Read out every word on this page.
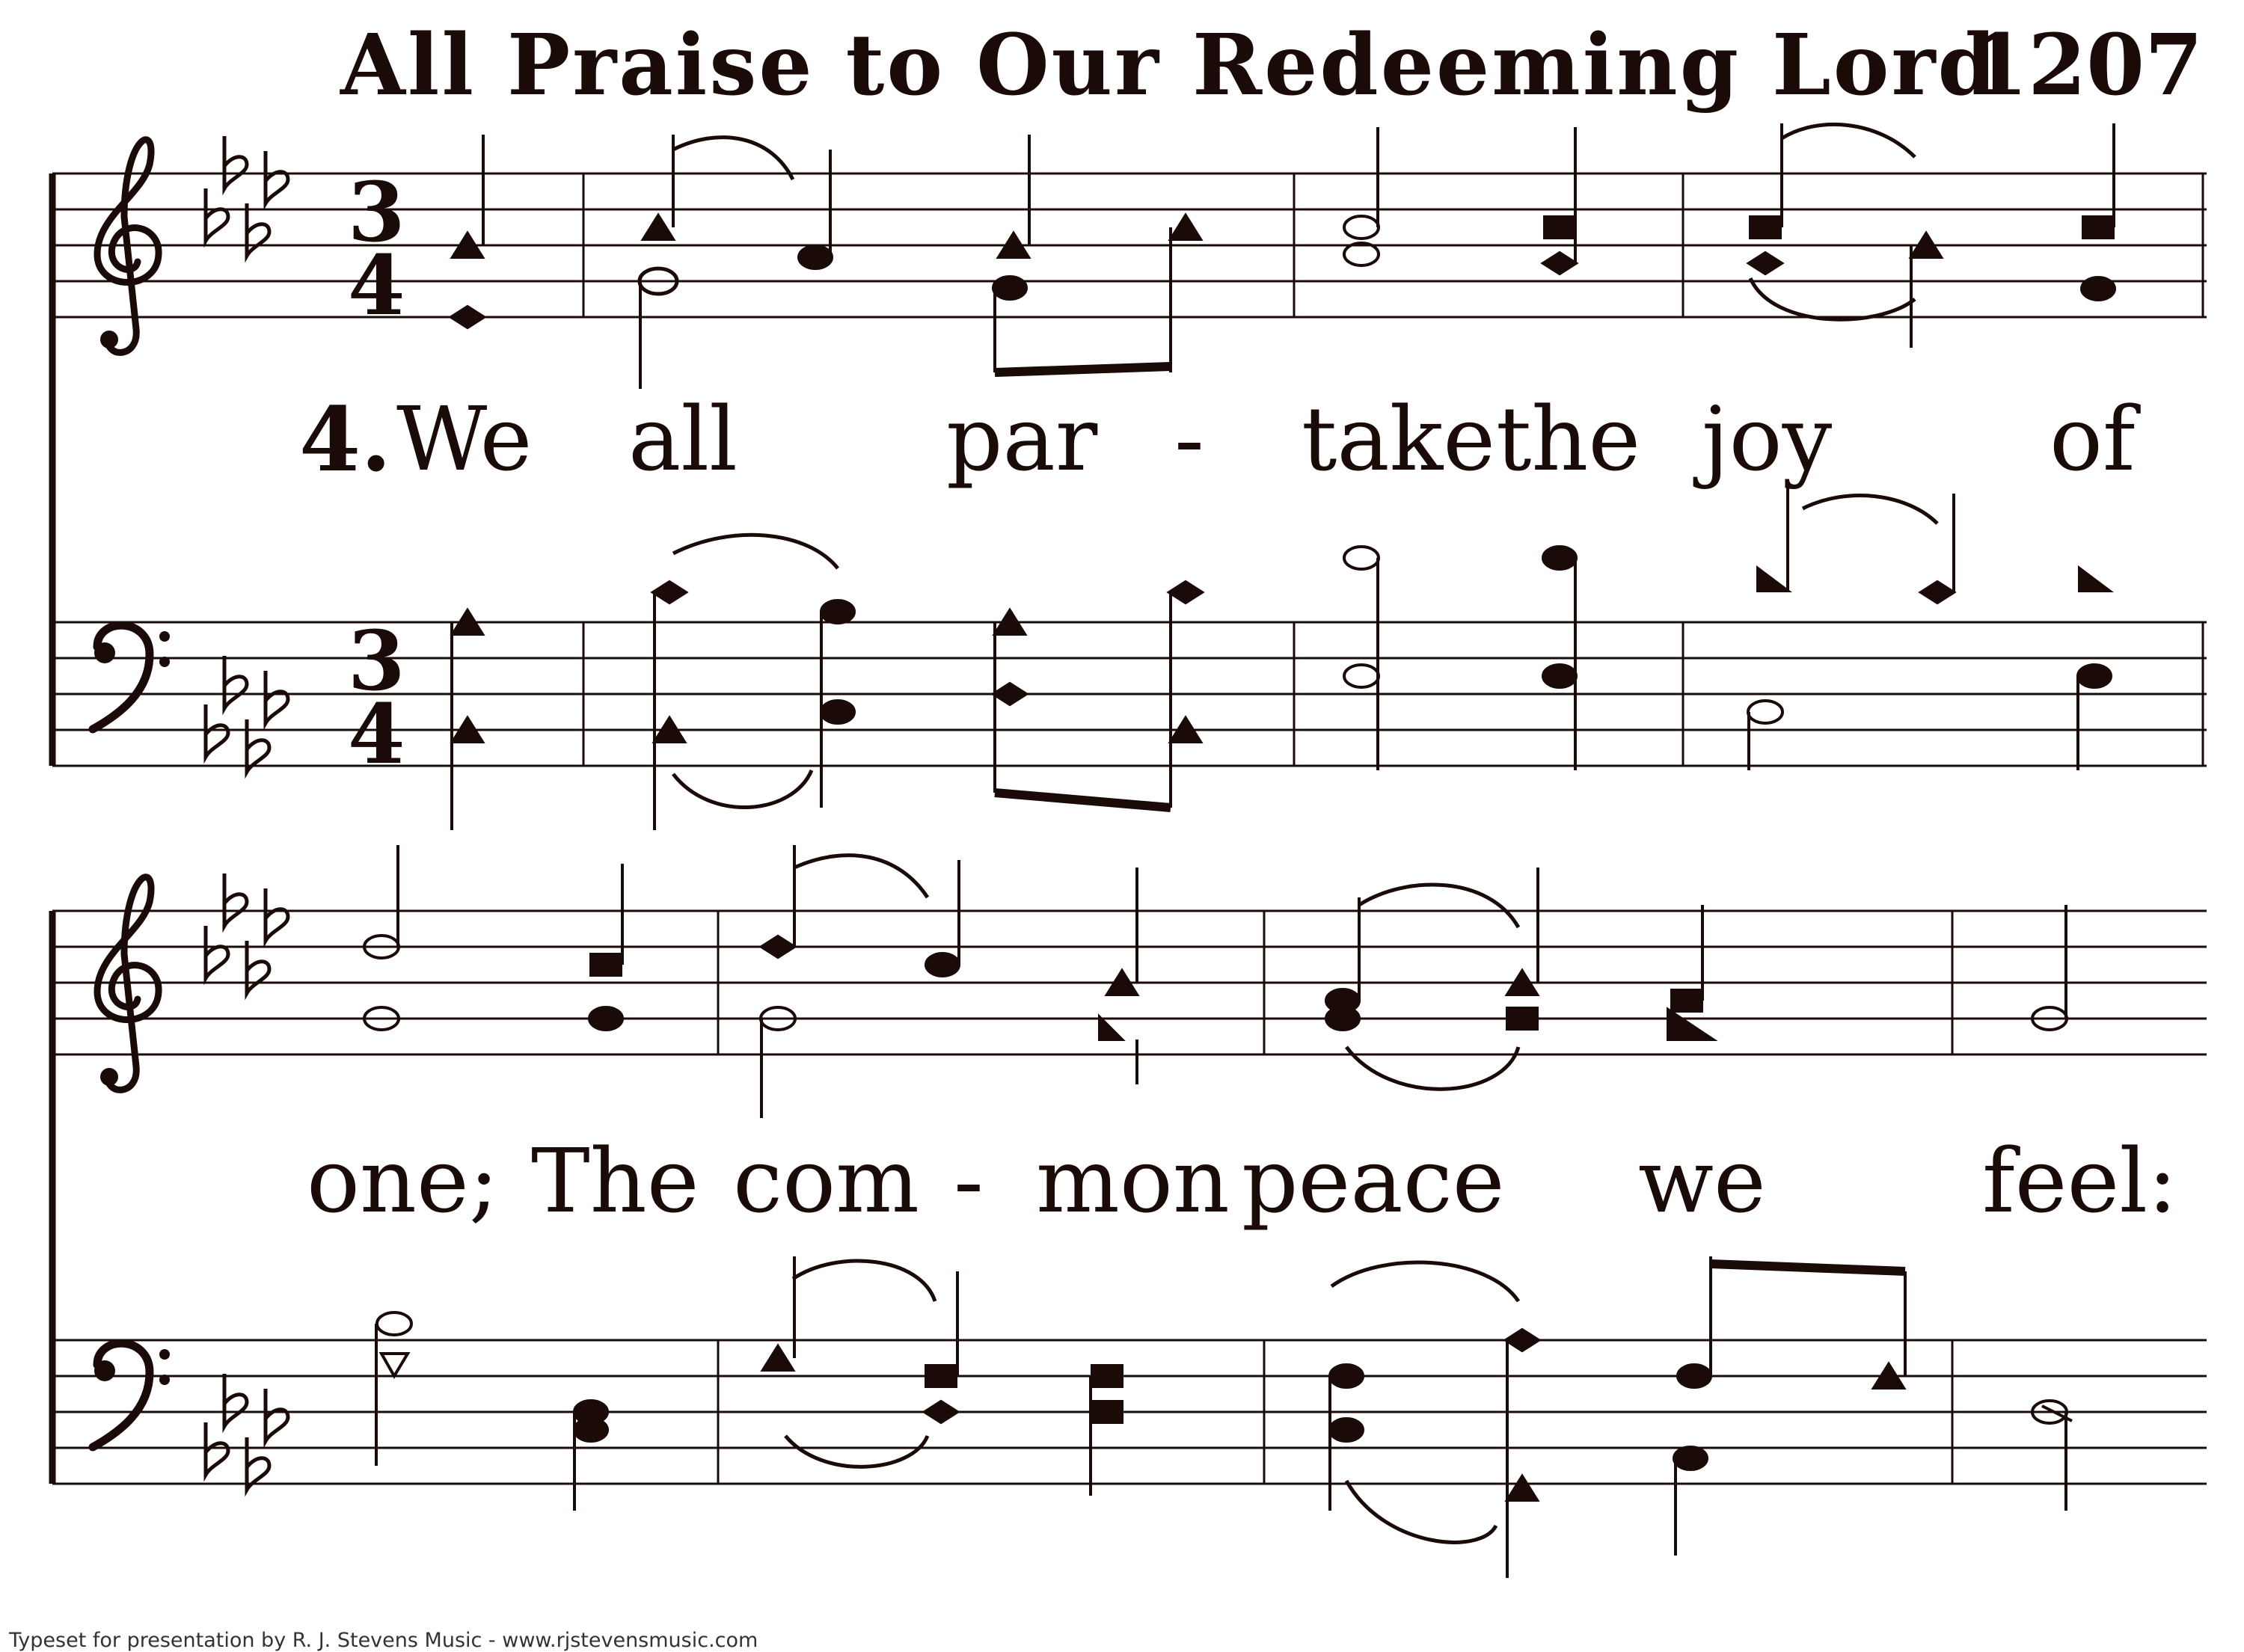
All Praise to Our Redeeming Lord
1207
3
4
3
4
4. We all par - take the joy of
one; The com - mon peace we feel:
Typeset for presentation by R. J. Stevens Music - www.rjstevensmusic.com
